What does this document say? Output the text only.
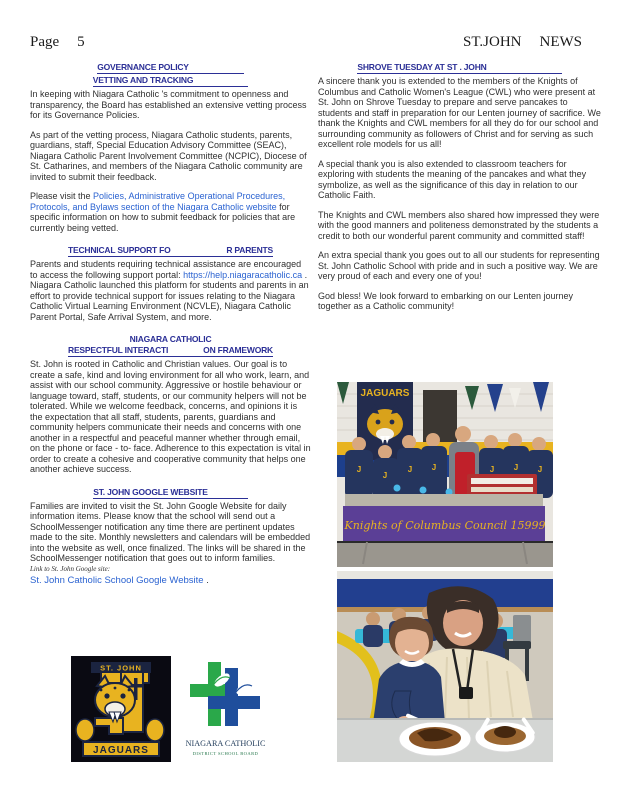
Page 5	ST.JOHN NEWS
GOVERNANCE POLICY
VETTING AND TRACKING

In keeping with Niagara Catholic 's commitment to openness and transparency, the Board has established an extensive vetting process for its Governance Policies.

As part of the vetting process, Niagara Catholic students, parents, guardians, staff, Special Education Advisory Committee (SEAC), Niagara Catholic Parent Involvement Committee (NCPIC), Diocese of St. Catharines, and members of the Niagara Catholic community are invited to submit their feedback.

Please visit the Policies, Administrative Operational Procedures, Protocols, and Bylaws section of the Niagara Catholic website for specific information on how to submit feedback for policies that are currently being vetted.

TECHNICAL SUPPORT FO	R PARENTS

Parents and students requiring technical assistance are encouraged to access the following support portal: https://help.niagaracatholic.ca . Niagara Catholic launched this platform for students and parents in an effort to provide technical support for issues relating to the Niagara Catholic Virtual Learning Environment (NCVLE), Niagara Catholic Parent Portal, Safe Arrival System, and more.

NIAGARA CATHOLIC
RESPECTFUL INTERACTI	ON FRAMEWORK

St. John is rooted in Catholic and Christian values. Our goal is to create a safe, kind and loving environment for all who work, learn, and assist with our school community. Aggressive or hostile behaviour or language toward, staff, students, or our community helpers will not be tolerated. While we welcome feedback, concerns, and opinions it is the expectation that all staff, students, parents, guardians and community helpers communicate their needs and concerns with one another in a respectful and peaceful manner whether through email, on the phone or face - to- face. Adherence to this expectation is vital in order to create a cohesive and cooperative community that helps one another achieve success.

ST. JOHN GOOGLE WEBSITE

Families are invited to visit the St. John Google Website for daily information items. Please know that the school will send out a SchoolMessenger notification any time there are pertinent updates made to the site. Monthly newsletters and calendars will be embedded into the website as well, once finalized. The links will be shared in the SchoolMessenger notification that goes out to inform families.

Link to St. John Google site:

St. John Catholic School Google Website .

SHROVE TUESDAY AT ST . JOHN

A sincere thank you is extended to the members of the Knights of Columbus and Catholic Women's League (CWL) who were present at St. John on Shrove Tuesday to prepare and serve pancakes to students and staff in preparation for our Lenten journey of sacrifice. We thank the Knights and CWL members for all they do for our school and surrounding community as followers of Christ and for serving as such excellent role models for us all!

A special thank you is also extended to classroom teachers for exploring with students the meaning of the pancakes and what they symbolize, as well as the significance of this day in relation to our Catholic Faith.

The Knights and CWL members also shared how impressed they were with the good manners and politeness demonstrated by the students a credit to both our wonderful parent community and committed staff!

An extra special thank you goes out to all our students for representing St. John Catholic School with pride and in such a positive way. We are very proud of each and every one of you!

God bless! We look forward to embarking on our Lenten journey together as a Catholic community!

JAGUARS
J
J
J J	J J J
Knights of Columbus Council 15999
ST. JOHN
JAGUARS
NIAGARA CATHOLIC
DISTRICT SCHOOL BOARD
